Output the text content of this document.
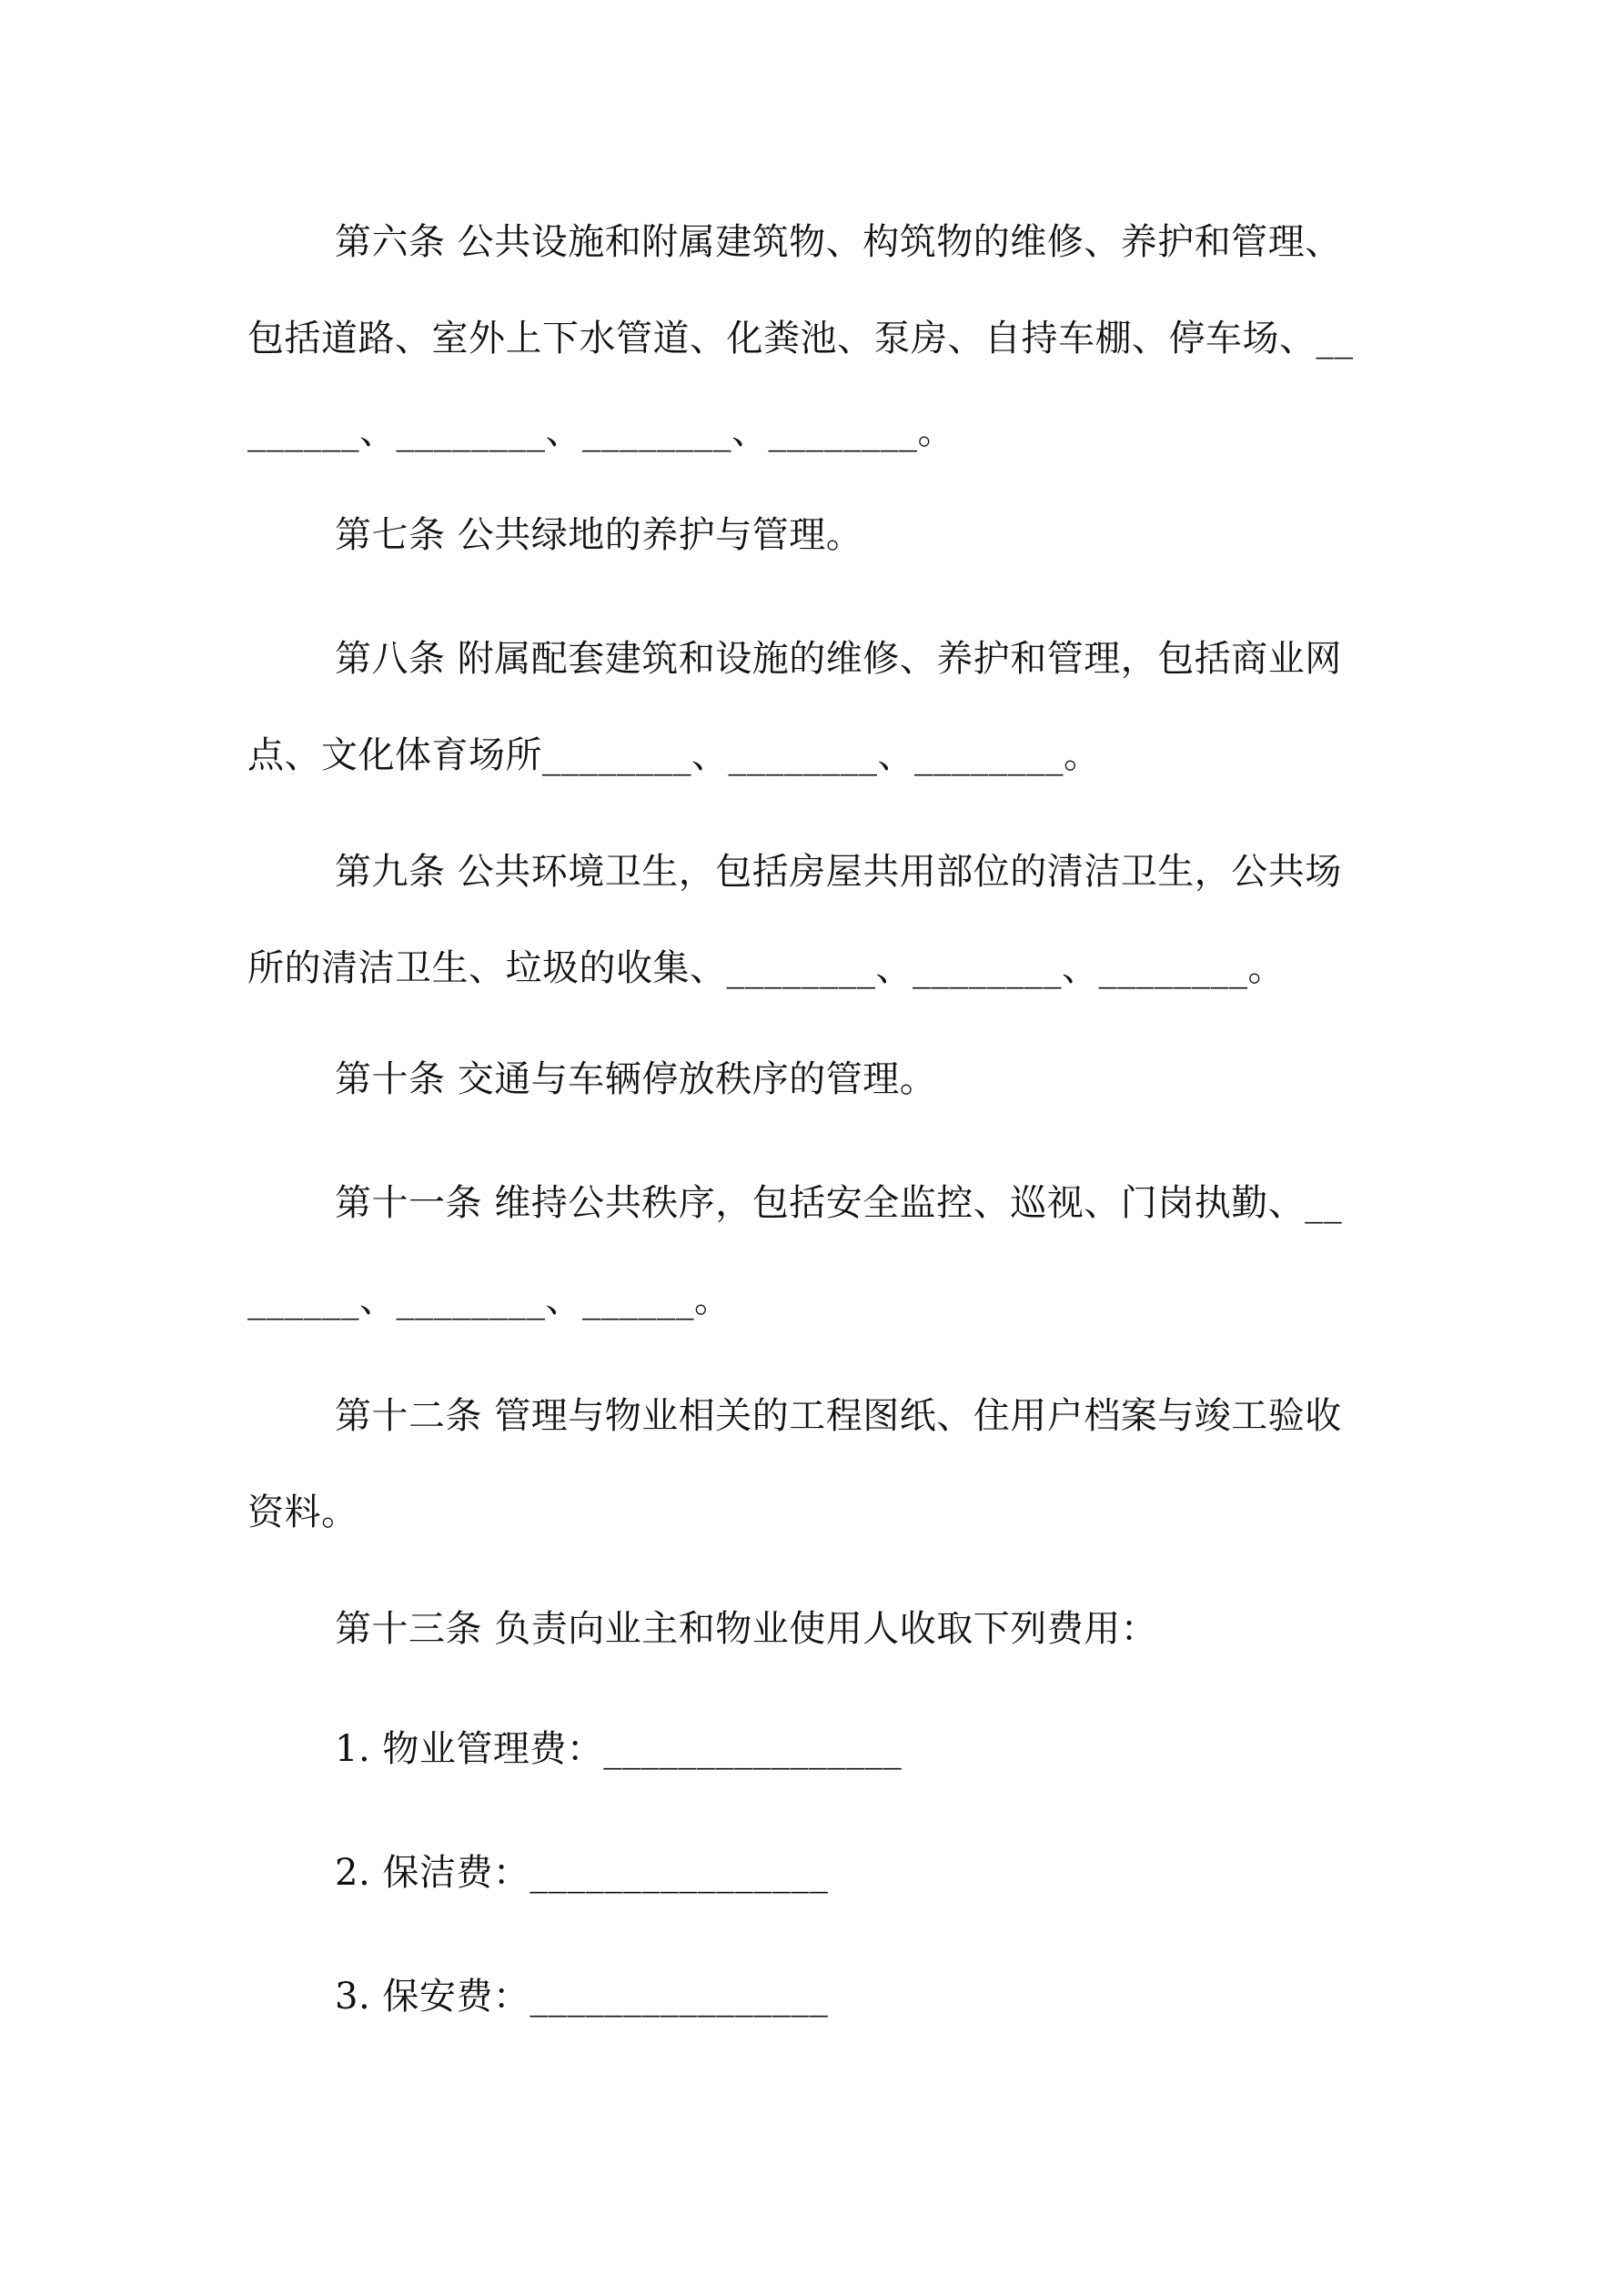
第六条 公共设施和附属建筑物、构筑物的维修、养护和管理、
包括道路、室外上下水管道、化粪池、泵房、自持车棚、停车场、__
______、________、________、________。
第七条 公共绿地的养护与管理。
第八条 附属配套建筑和设施的维修、养护和管理，包括商业网
点、文化体育场所________、________、________。
第九条 公共环境卫生，包括房屋共用部位的清洁卫生，公共场
所的清洁卫生、垃圾的收集、________、________、________。
第十条 交通与车辆停放秩序的管理。
第十一条 维持公共秩序，包括安全监控、巡视、门岗执勤、__
______、________、______。
第十二条 管理与物业相关的工程图纸、住用户档案与竣工验收
资料。
第十三条 负责向业主和物业使用人收取下列费用：
1. 物业管理费：________________
2. 保洁费：________________
3. 保安费：________________
